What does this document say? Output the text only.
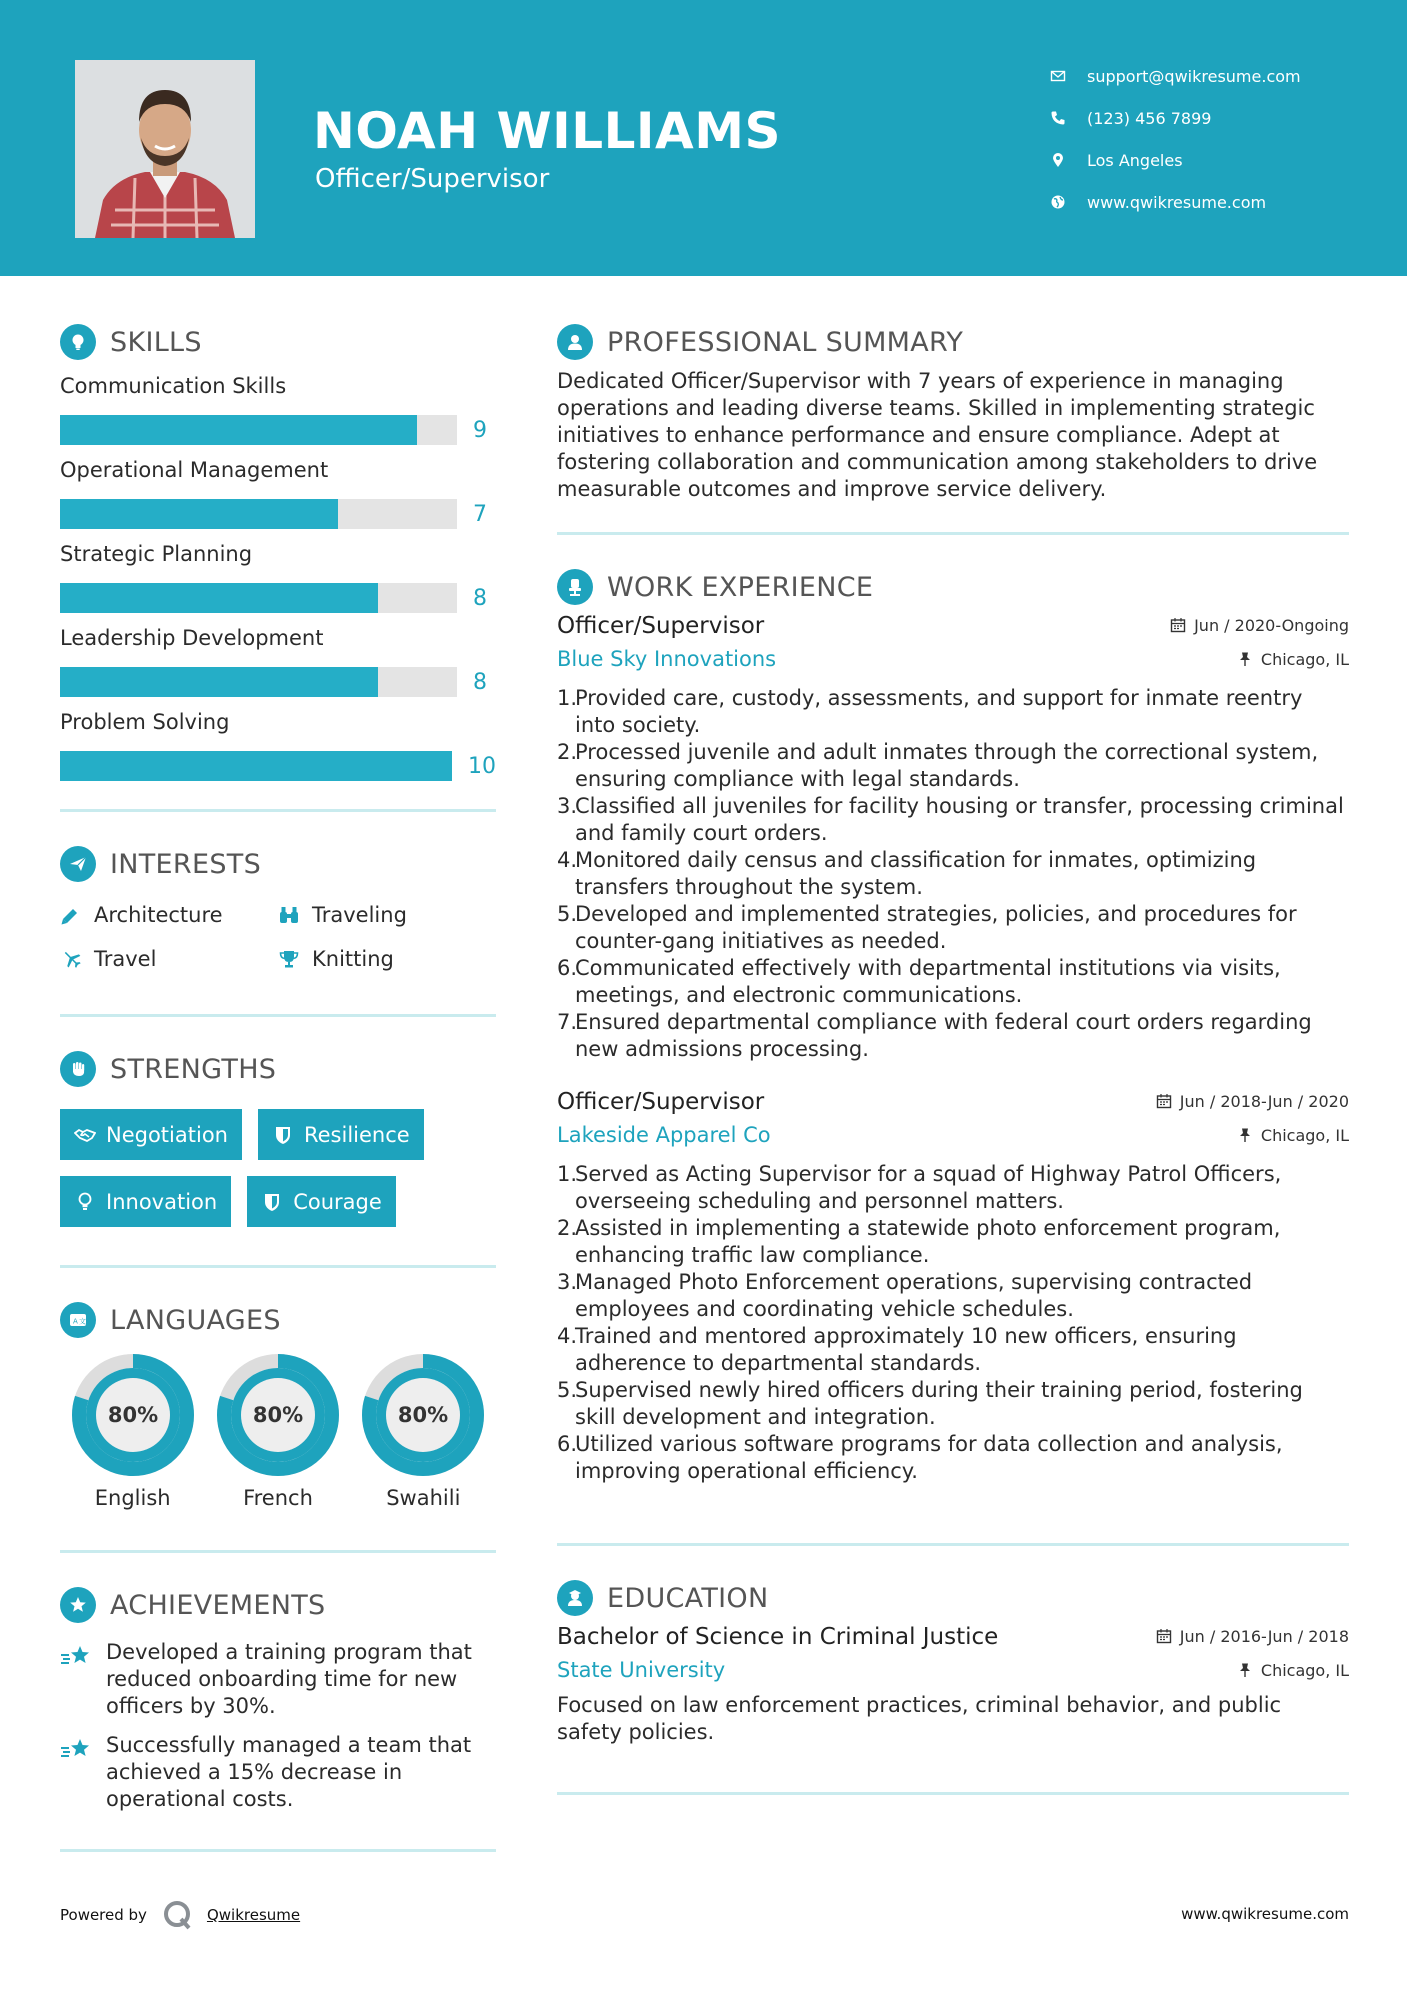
NOAH WILLIAMS
Officer/Supervisor
support@qwikresume.com
(123) 456 7899
Los Angeles
www.qwikresume.com
SKILLS
Communication Skills
9
Operational Management
7
Strategic Planning
8
Leadership Development
8
Problem Solving
10
INTERESTS
Architecture	Traveling
Travel	Knitting
STRENGTHS
Negotiation	Resilience
Innovation	Courage
A 文 LANGUAGES
80%
English
80%
French
80%
Swahili
ACHIEVEMENTS
Developed a training program that reduced onboarding time for new officers by 30%.
Successfully managed a team that achieved a 15% decrease in operational costs.
PROFESSIONAL SUMMARY

Dedicated Officer/Supervisor with 7 years of experience in managing operations and leading diverse teams. Skilled in implementing strategic initiatives to enhance performance and ensure compliance. Adept at fostering collaboration and communication among stakeholders to drive measurable outcomes and improve service delivery.

WORK EXPERIENCE
Officer/Supervisor	Jun / 2020-Ongoing
Blue Sky Innovations	Chicago, IL
1.
Provided care, custody, assessments, and support for inmate reentry into society.
2.
Processed juvenile and adult inmates through the correctional system, ensuring compliance with legal standards.
3.
Classified all juveniles for facility housing or transfer, processing criminal and family court orders.
4.
Monitored daily census and classification for inmates, optimizing transfers throughout the system.
5.
Developed and implemented strategies, policies, and procedures for counter-gang initiatives as needed.
6.
Communicated effectively with departmental institutions via visits, meetings, and electronic communications.
7.
Ensured departmental compliance with federal court orders regarding new admissions processing.
Officer/Supervisor	Jun / 2018-Jun / 2020
Lakeside Apparel Co	Chicago, IL
1.
Served as Acting Supervisor for a squad of Highway Patrol Officers, overseeing scheduling and personnel matters.
2.
Assisted in implementing a statewide photo enforcement program, enhancing traffic law compliance.
3.
Managed Photo Enforcement operations, supervising contracted employees and coordinating vehicle schedules.
4.
Trained and mentored approximately 10 new officers, ensuring adherence to departmental standards.
5.
Supervised newly hired officers during their training period, fostering skill development and integration.
6.
Utilized various software programs for data collection and analysis, improving operational efficiency.
EDUCATION
Bachelor of Science in Criminal Justice	Jun / 2016-Jun / 2018
State University	Chicago, IL

Focused on law enforcement practices, criminal behavior, and public safety policies.

Powered by	Qwikresume	www.qwikresume.com
